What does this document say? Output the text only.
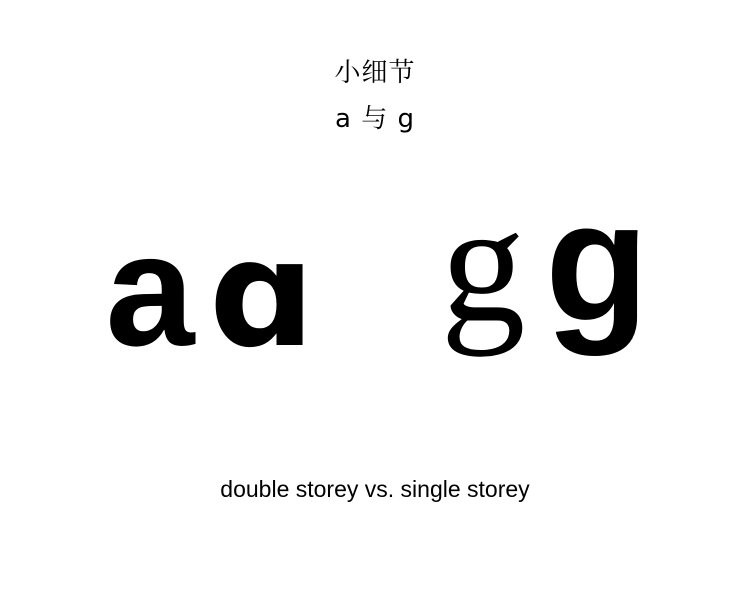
小细节
a 与 g
a ɑ g ɡ
double storey vs. single storey
